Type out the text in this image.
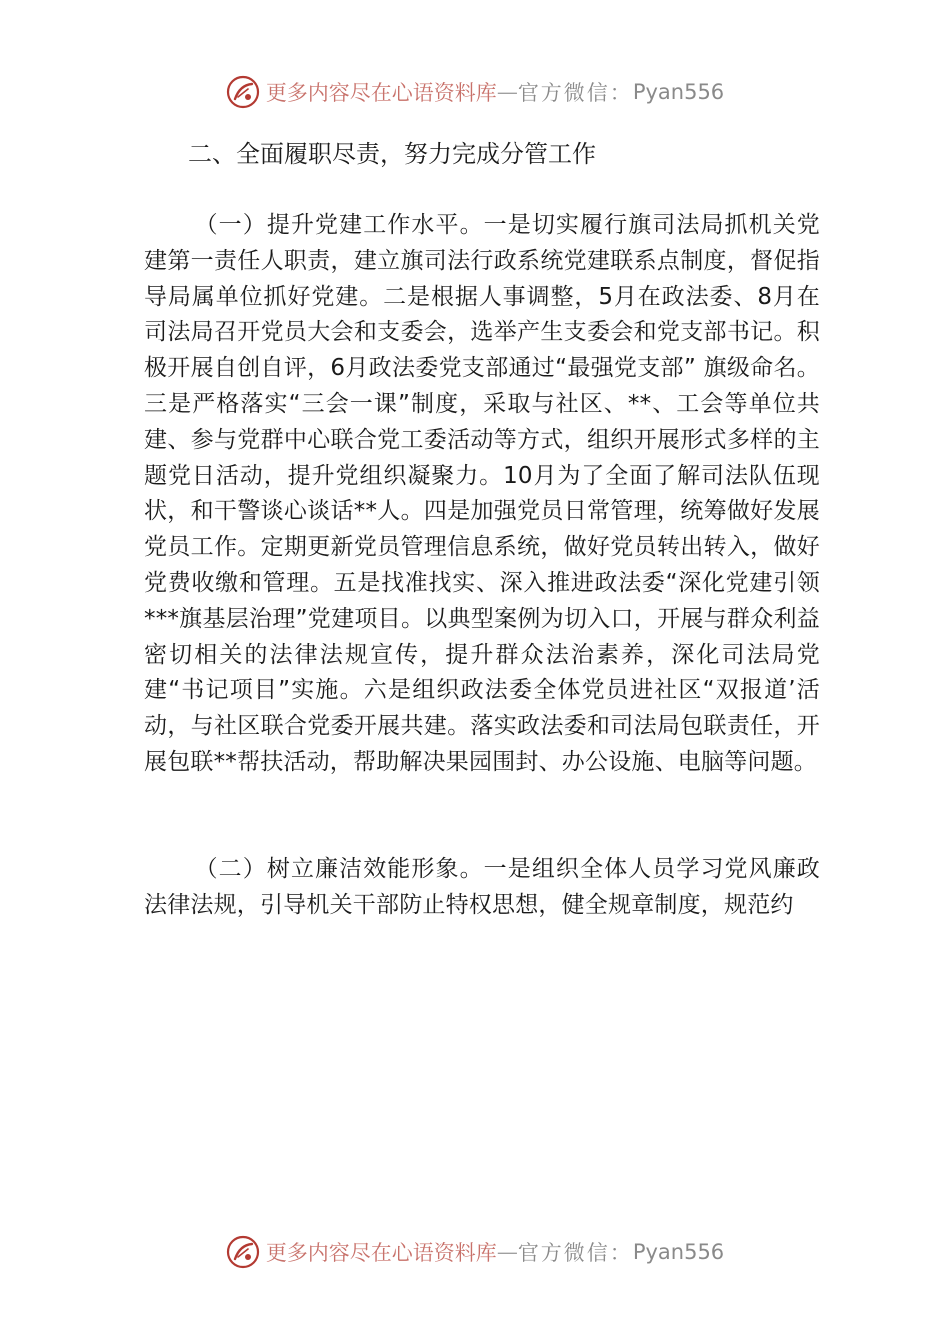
更多内容尽在心语资料库 — 官方微信： Pyan556
二、全面履职尽责，努力完成分管工作

（一）提升党建工作水平。一是切实履行旗司法局抓机关党建第一责任人职责，建立旗司法行政系统党建联系点制度，督促指导局属单位抓好党建。二是根据人事调整，5月在政法委、8月在司法局召开党员大会和支委会，选举产生支委会和党支部书记。积极开展自创自评，6月政法委党支部通过“最强党支部” 旗级命名。三是严格落实“三会一课”制度，采取与社区、**、工会等单位共建、参与党群中心联合党工委活动等方式，组织开展形式多样的主题党日活动，提升党组织凝聚力。10月为了全面了解司法队伍现状，和干警谈心谈话**人。四是加强党员日常管理，统筹做好发展党员工作。定期更新党员管理信息系统，做好党员转出转入，做好党费收缴和管理。五是找准找实、深入推进政法委“深化党建引领***旗基层治理”党建项目。以典型案例为切入口，开展与群众利益密切相关的法律法规宣传，提升群众法治素养，深化司法局党建“书记项目”实施。六是组织政法委全体党员进社区“双报道’活动，与社区联合党委开展共建。落实政法委和司法局包联责任，开展包联**帮扶活动，帮助解决果园围封、办公设施、电脑等问题。

（二）树立廉洁效能形象。一是组织全体人员学习党风廉政法律法规，引导机关干部防止特权思想，健全规章制度，规范约

更多内容尽在心语资料库 — 官方微信： Pyan556
